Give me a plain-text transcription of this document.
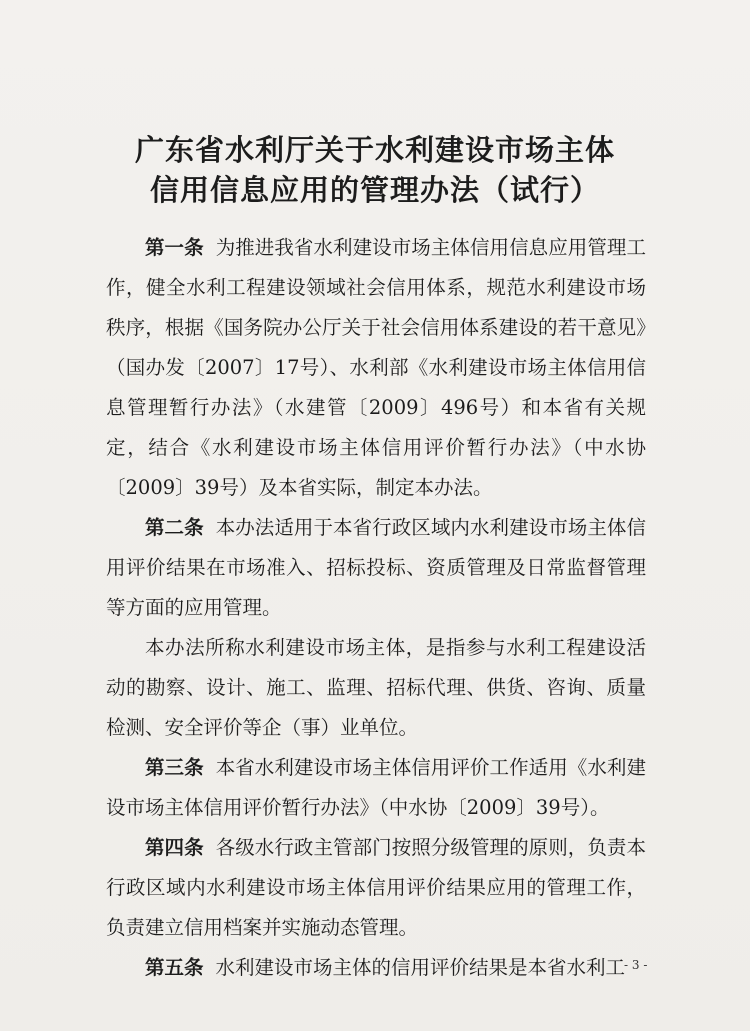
广东省水利厅关于水利建设市场主体
信用信息应用的管理办法（试行）

第一条 为推进我省水利建设市场主体信用信息应用管理工作，健全水利工程建设领域社会信用体系，规范水利建设市场秩序，根据《国务院办公厅关于社会信用体系建设的若干意见》（国办发〔2007〕17号）、水利部《水利建设市场主体信用信息管理暂行办法》（水建管〔2009〕496号）和本省有关规定，结合《水利建设市场主体信用评价暂行办法》（中水协〔2009〕39号）及本省实际，制定本办法。

第二条 本办法适用于本省行政区域内水利建设市场主体信用评价结果在市场准入、招标投标、资质管理及日常监督管理等方面的应用管理。

本办法所称水利建设市场主体，是指参与水利工程建设活动的勘察、设计、施工、监理、招标代理、供货、咨询、质量检测、安全评价等企（事）业单位。

第三条 本省水利建设市场主体信用评价工作适用《水利建设市场主体信用评价暂行办法》（中水协〔2009〕39号）。

第四条 各级水行政主管部门按照分级管理的原则，负责本行政区域内水利建设市场主体信用评价结果应用的管理工作，负责建立信用档案并实施动态管理。

第五条 水利建设市场主体的信用评价结果是本省水利工

- 3 -
